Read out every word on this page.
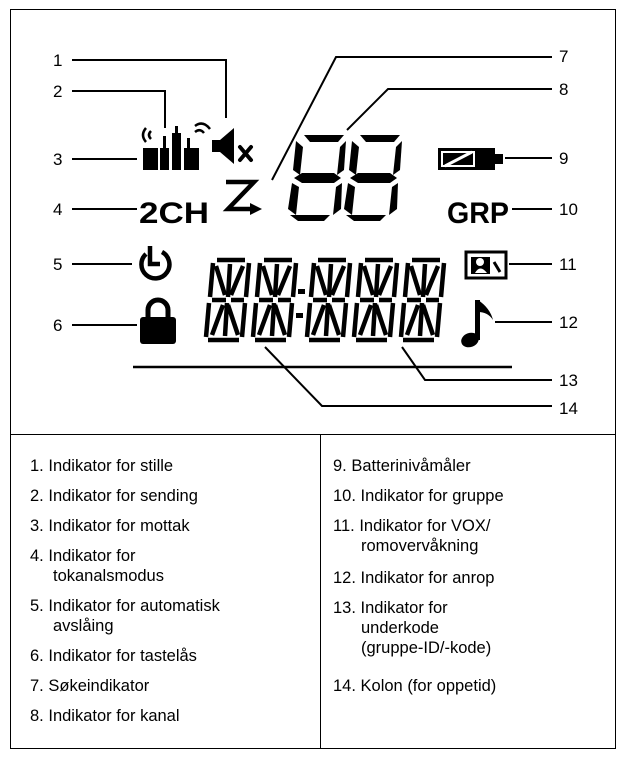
1
2
3
4
5
6
7
8
9
10
11
12
13
14
2CH	GRP
1. Indikator for stille
2. Indikator for sending
3. Indikator for mottak
4. Indikator for
tokanalsmodus
5. Indikator for automatisk
avslåing
6. Indikator for tastelås
7. Søkeindikator
8. Indikator for kanal
9. Batterinivåmåler
10. Indikator for gruppe
11. Indikator for VOX/
romovervåkning
12. Indikator for anrop
13. Indikator for
underkode
(gruppe-ID/-kode)
14. Kolon (for oppetid)
